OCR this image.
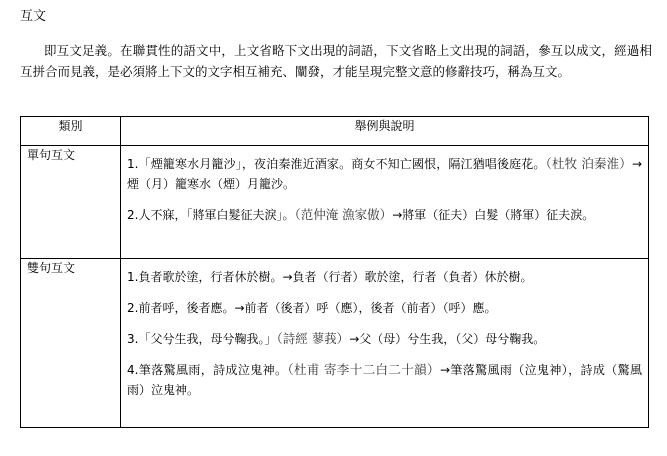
互文

即互文足義。在聯貫性的語文中，上文省略下文出現的詞語，下文省略上文出現的詞語，參互以成文，經過相互拼合而見義，是必須將上下文的文字相互補充、闡發，才能呈現完整文意的修辭技巧，稱為互文。

類別	舉例與說明
單句互文	1.「煙籠寒水月籠沙」，夜泊秦淮近酒家。商女不知亡國恨，隔江猶唱後庭花。（杜牧 泊秦淮）→煙（月）籠寒水（煙）月籠沙。
2.人不寐，「將軍白髮征夫淚」。（范仲淹 漁家傲）→將軍（征夫）白髮（將軍）征夫淚。

雙句互文	1.負者歌於塗，行者休於樹。→負者（行者）歌於塗，行者（負者）休於樹。
2.前者呼，後者應。→前者（後者）呼（應），後者（前者）（呼）應。
3.「父兮生我，母兮鞠我。」（詩經 蓼莪）→父（母）兮生我，（父）母兮鞠我。
4.筆落驚風雨，詩成泣鬼神。（杜甫 寄李十二白二十韻）→筆落驚風雨（泣鬼神），詩成（驚風雨）泣鬼神。
